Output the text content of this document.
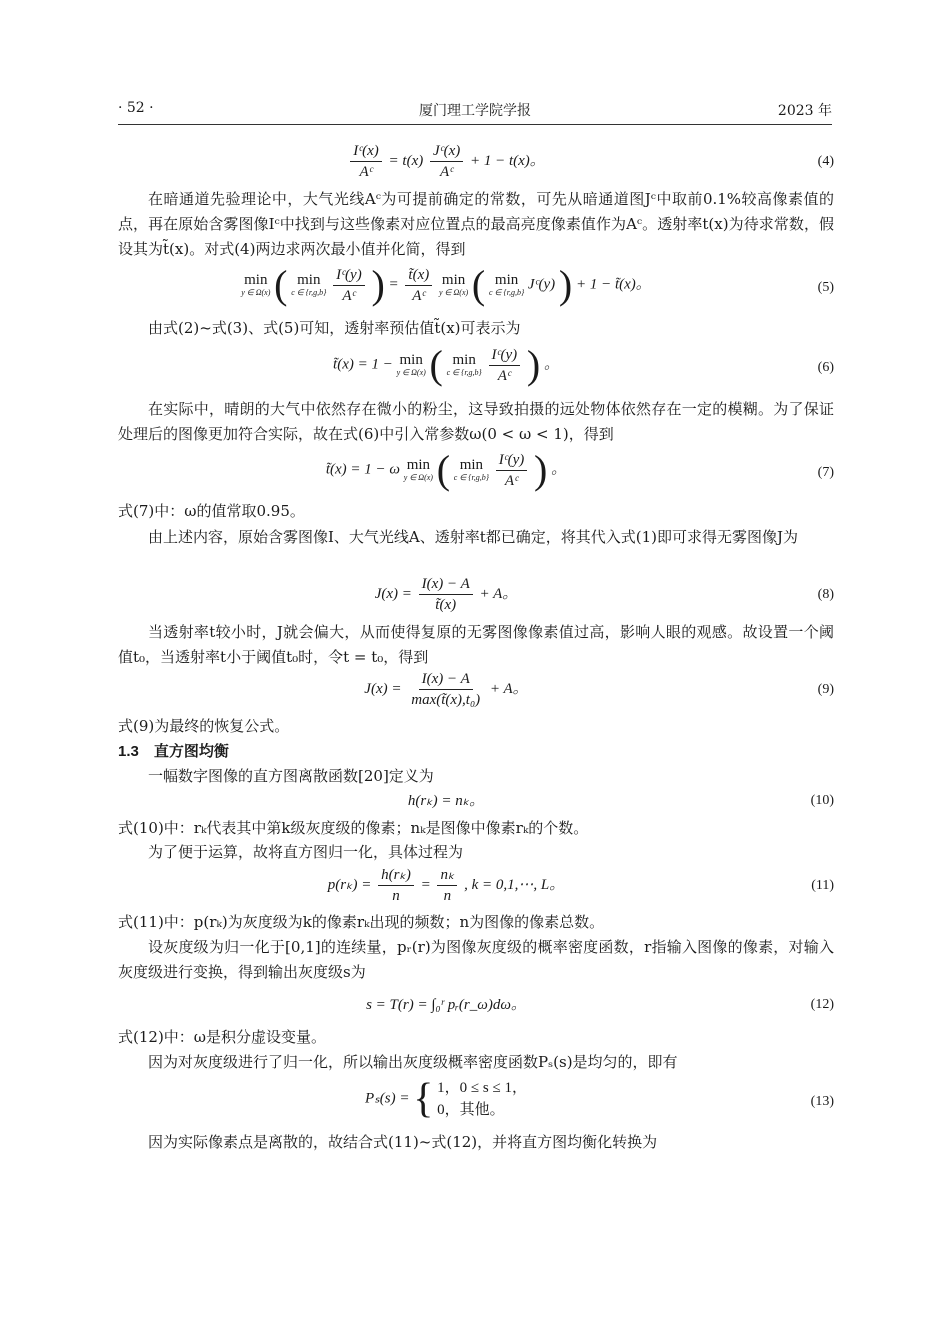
· 52 ·	厦门理工学院学报	2023 年
$\frac{\text{Iᶜ(x)}}{\text{Aᶜ}} = t(x) \frac{\text{Jᶜ(x)}}{\text{Aᶜ}} + 1 - t(x)$。	(4)
在暗通道先验理论中，大气光线Aᶜ为可提前确定的常数，可先从暗通道图Jᶜ中取前0.1%较高像素值的点，再在原始含雾图像Iᶜ中找到与这些像素对应位置点的最高亮度像素值作为Aᶜ。透射率t(x)为待求常数，假设其为t̃(x)。对式(4)两边求两次最小值并化简，得到
min
y ∈ Ω(x) ( min
c ∈ {r,g,b}
$\frac{\text{Iᶜ(y)}}{\text{Aᶜ}}$ ) = $\frac{t̃(x)}{\text{Aᶜ}}$
min
y ∈ Ω(x) ( min
c ∈ {r,g,b}
Jᶜ(y) ) + 1 − t̃(x)。	(5)
由式(2)~式(3)、式(5)可知，透射率预估值t̃(x)可表示为
t̃(x) = 1 − min
y ∈ Ω(x) ( min
c ∈ {r,g,b}
$\frac{\text{Iᶜ(y)}}{\text{Aᶜ}}$ ) 。	(6)
在实际中，晴朗的大气中依然存在微小的粉尘，这导致拍摄的远处物体依然存在一定的模糊。为了保证处理后的图像更加符合实际，故在式(6)中引入常参数ω(0 < ω < 1)，得到
t̃(x) = 1 − ω min
y ∈ Ω(x) ( min
c ∈ {r,g,b}
$\frac{\text{Iᶜ(y)}}{\text{Aᶜ}}$ ) 。	(7)
式(7)中：ω的值常取0.95。
由上述内容，原始含雾图像I、大气光线A、透射率t都已确定，将其代入式(1)即可求得无雾图像J为
$J(x) = \frac{I(x) - A}{t̃(x)} + A$。	(8)
当透射率t较小时，J就会偏大，从而使得复原的无雾图像像素值过高，影响人眼的观感。故设置一个阈值t₀，当透射率t小于阈值t₀时，令t = t₀，得到
$J(x) = \frac{I(x) - A}{\text{max(t̃(x),t₀)}} + A$。	(9)
式(9)为最终的恢复公式。
1.3　直方图均衡
一幅数字图像的直方图离散函数[20]定义为
h(rₖ) = nₖ。	(10)
式(10)中：rₖ代表其中第k级灰度级的像素；nₖ是图像中像素rₖ的个数。
为了便于运算，故将直方图归一化，具体过程为
$p(r_k) = \frac{\text{h(rₖ)}}{n} = \frac{\text{nₖ}}{n}$ , k = 0,1,⋯, L。	(11)
式(11)中：p(rₖ)为灰度级为k的像素rₖ出现的频数；n为图像的像素总数。
设灰度级为归一化于[0,1]的连续量，pᵣ(r)为图像灰度级的概率密度函数，r指输入图像的像素，对输入灰度级进行变换，得到输出灰度级s为
s = T(r) = ∫₀ʳ pᵣ(r_ω)dω。	(12)
式(12)中：ω是积分虚设变量。
因为对灰度级进行了归一化，所以输出灰度级概率密度函数Pₛ(s)是均匀的，即有
Pₛ(s) = { 1，0 ≤ s ≤ 1，
0，其他。
(13)
因为实际像素点是离散的，故结合式(11)~式(12)，并将直方图均衡化转换为
